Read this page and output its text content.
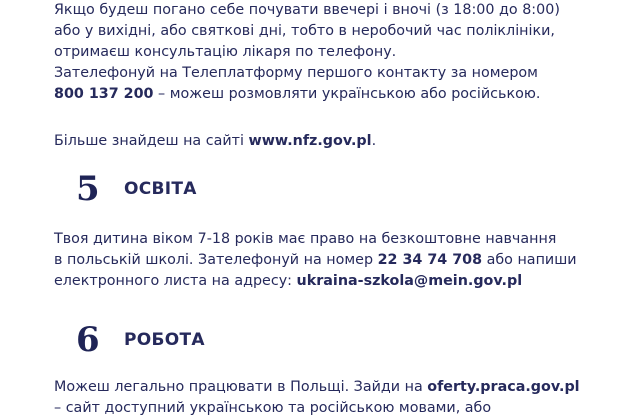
Якщо будеш погано себе почувати ввечері і вночі (з 18:00 до 8:00)
або у вихідні, або святкові дні, тобто в неробочий час поліклініки,
отримаєш консультацію лікаря по телефону.
Зателефонуй на Телеплатформу першого контакту за номером
800 137 200 – можеш розмовляти українською або російською.
Більше знайдеш на сайті www.nfz.gov.pl.
5 ОСВІТА
Твоя дитина віком 7-18 років має право на безкоштовне навчання
в польській школі. Зателефонуй на номер 22 34 74 708 або напиши
електронного листа на адресу: ukraina-szkola@mein.gov.pl
6 РОБОТА
Можеш легально працювати в Польщі. Зайди на oferty.praca.gov.pl
– сайт доступний українською та російською мовами, або
